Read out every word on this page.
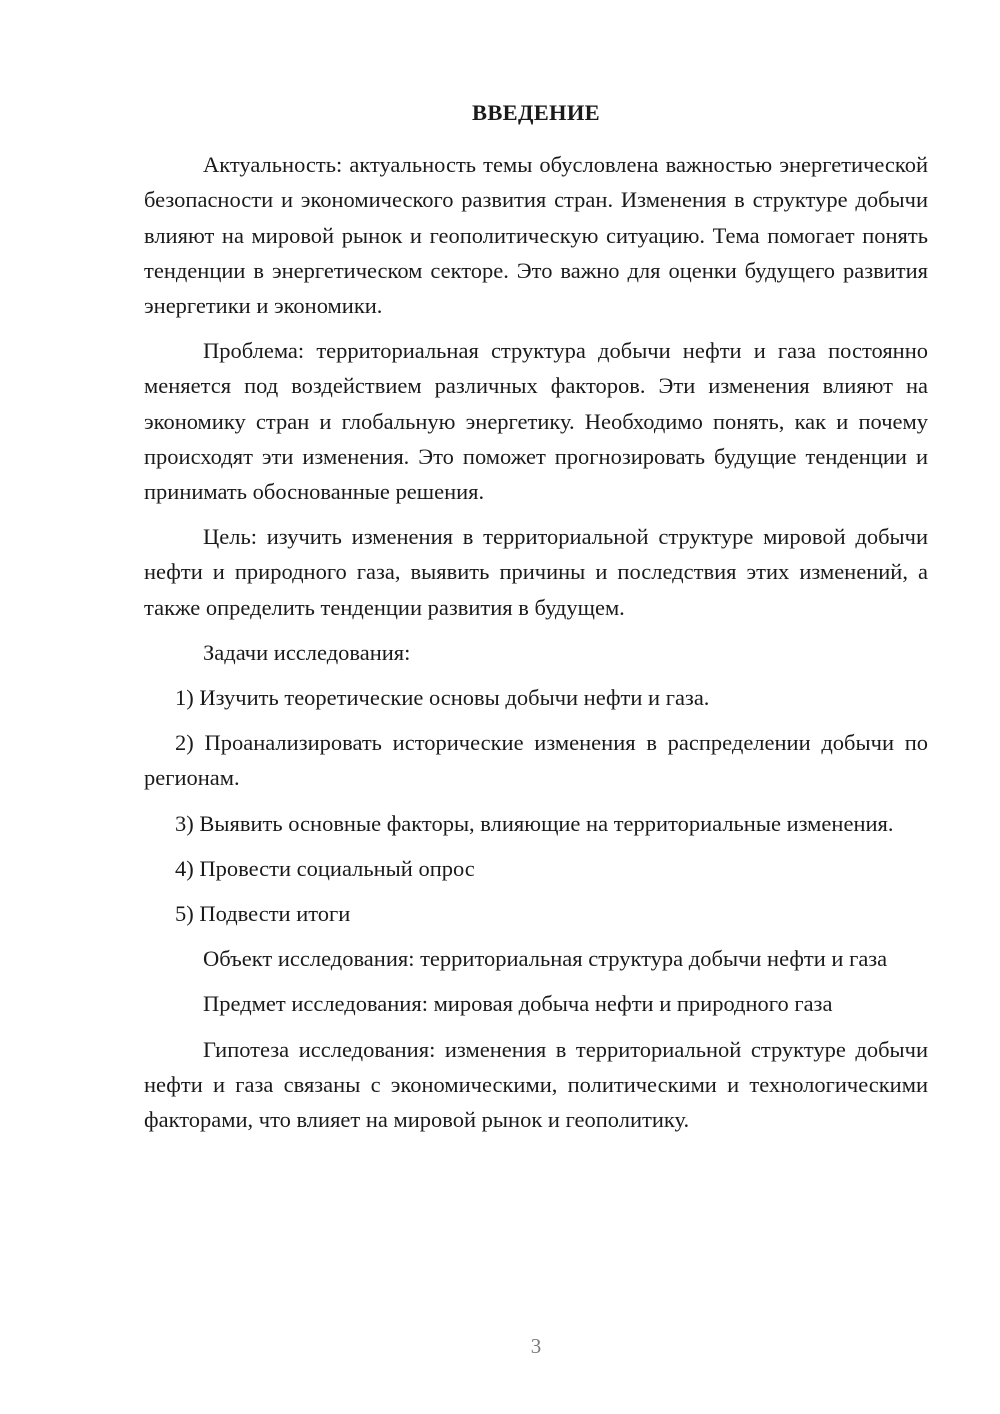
ВВЕДЕНИЕ

Актуальность: актуальность темы обусловлена важностью энергетической безопасности и экономического развития стран. Изменения в структуре добычи влияют на мировой рынок и геополитическую ситуацию. Тема помогает понять тенденции в энергетическом секторе. Это важно для оценки будущего развития энергетики и экономики.

Проблема: территориальная структура добычи нефти и газа постоянно меняется под воздействием различных факторов. Эти изменения влияют на экономику стран и глобальную энергетику. Необходимо понять, как и почему происходят эти изменения. Это поможет прогнозировать будущие тенденции и принимать обоснованные решения.

Цель: изучить изменения в территориальной структуре мировой добычи нефти и природного газа, выявить причины и последствия этих изменений, а также определить тенденции развития в будущем.

Задачи исследования:

1) Изучить теоретические основы добычи нефти и газа.

2) Проанализировать исторические изменения в распределении добычи по регионам.

3) Выявить основные факторы, влияющие на территориальные изменения.

4) Провести социальный опрос

5) Подвести итоги

Объект исследования: территориальная структура добычи нефти и газа

Предмет исследования: мировая добыча нефти и природного газа

Гипотеза исследования: изменения в территориальной структуре добычи нефти и газа связаны с экономическими, политическими и технологическими факторами, что влияет на мировой рынок и геополитику.

3
